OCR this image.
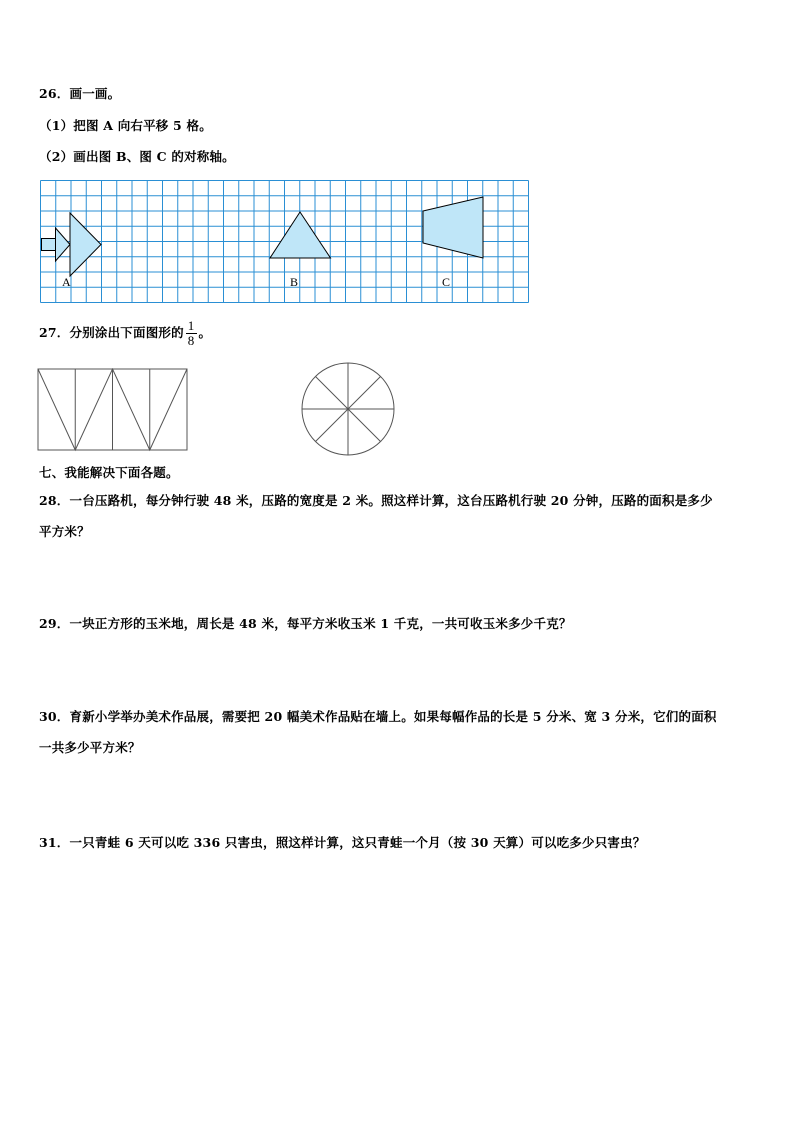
26．画一画。
（1）把图 A 向右平移 5 格。
（2）画出图 B、图 C 的对称轴。
A	B	C
27．分别涂出下面图形的 $\frac{1}{8}$ 。
七、我能解决下面各题。
28．一台压路机，每分钟行驶 48 米，压路的宽度是 2 米。照这样计算，这台压路机行驶 20 分钟，压路的面积是多少
平方米？
29．一块正方形的玉米地，周长是 48 米，每平方米收玉米 1 千克，一共可收玉米多少千克？
30．育新小学举办美术作品展，需要把 20 幅美术作品贴在墙上。如果每幅作品的长是 5 分米、宽 3 分米，它们的面积
一共多少平方米？
31．一只青蛙 6 天可以吃 336 只害虫，照这样计算，这只青蛙一个月（按 30 天算）可以吃多少只害虫？
